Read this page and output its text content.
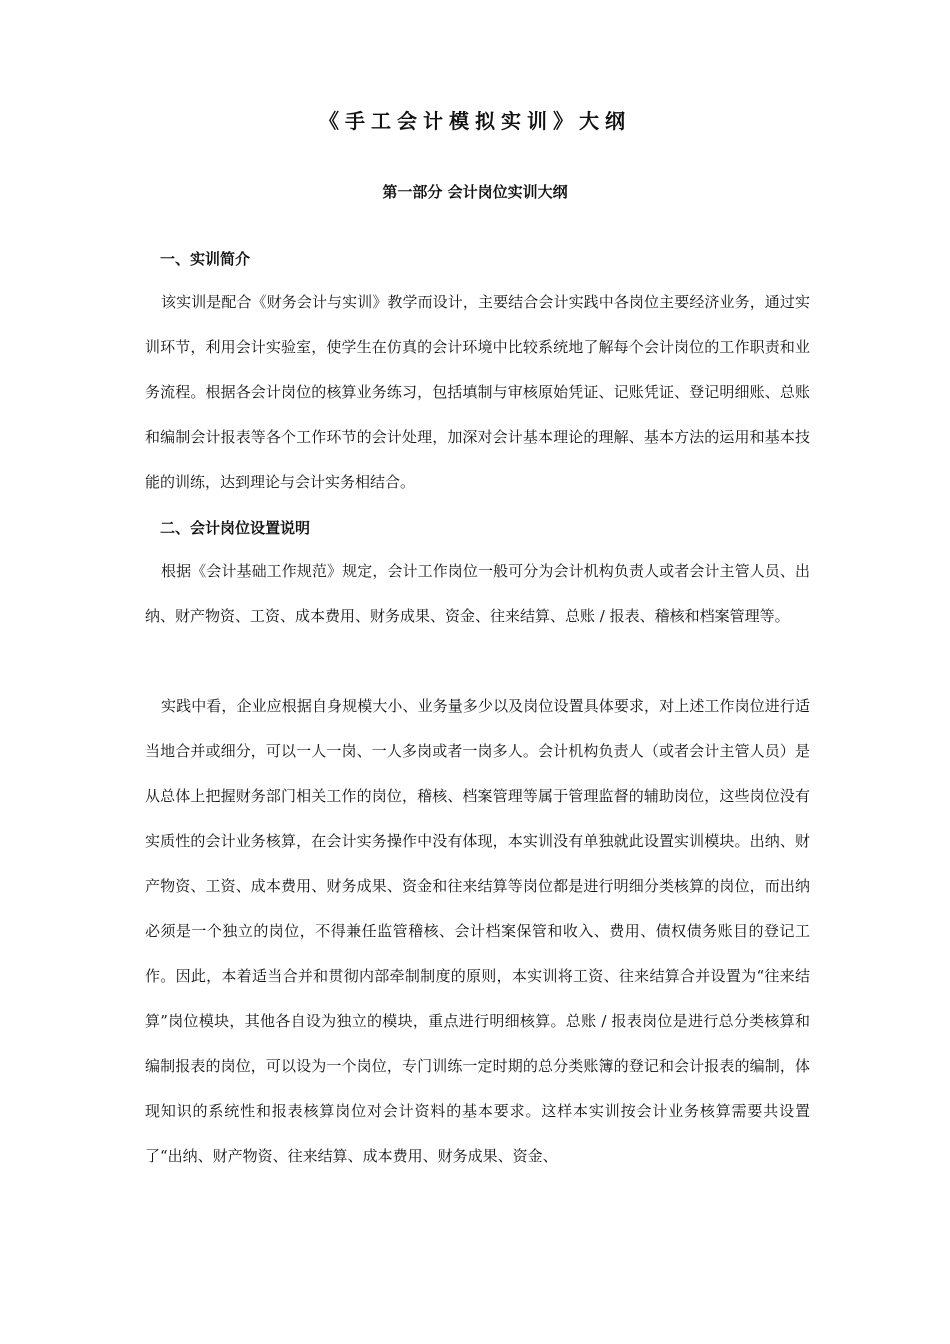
《手工会计模拟实训》大纲
第一部分 会计岗位实训大纲
一、实训简介

该实训是配合《财务会计与实训》教学而设计，主要结合会计实践中各岗位主要经济业务，通过实训环节，利用会计实验室，使学生在仿真的会计环境中比较系统地了解每个会计岗位的工作职责和业务流程。根据各会计岗位的核算业务练习，包括填制与审核原始凭证、记账凭证、登记明细账、总账和编制会计报表等各个工作环节的会计处理，加深对会计基本理论的理解、基本方法的运用和基本技能的训练，达到理论与会计实务相结合。

二、会计岗位设置说明

根据《会计基础工作规范》规定，会计工作岗位一般可分为会计机构负责人或者会计主管人员、出纳、财产物资、工资、成本费用、财务成果、资金、往来结算、总账 / 报表、稽核和档案管理等。

实践中看，企业应根据自身规模大小、业务量多少以及岗位设置具体要求，对上述工作岗位进行适当地合并或细分，可以一人一岗、一人多岗或者一岗多人。会计机构负责人（或者会计主管人员）是从总体上把握财务部门相关工作的岗位，稽核、档案管理等属于管理监督的辅助岗位，这些岗位没有实质性的会计业务核算，在会计实务操作中没有体现，本实训没有单独就此设置实训模块。出纳、财产物资、工资、成本费用、财务成果、资金和往来结算等岗位都是进行明细分类核算的岗位，而出纳必须是一个独立的岗位，不得兼任监管稽核、会计档案保管和收入、费用、债权债务账目的登记工作。因此，本着适当合并和贯彻内部牵制制度的原则，本实训将工资、往来结算合并设置为“往来结算”岗位模块，其他各自设为独立的模块，重点进行明细核算。总账 / 报表岗位是进行总分类核算和编制报表的岗位，可以设为一个岗位，专门训练一定时期的总分类账簿的登记和会计报表的编制，体现知识的系统性和报表核算岗位对会计资料的基本要求。这样本实训按会计业务核算需要共设置了“出纳、财产物资、往来结算、成本费用、财务成果、资金、
